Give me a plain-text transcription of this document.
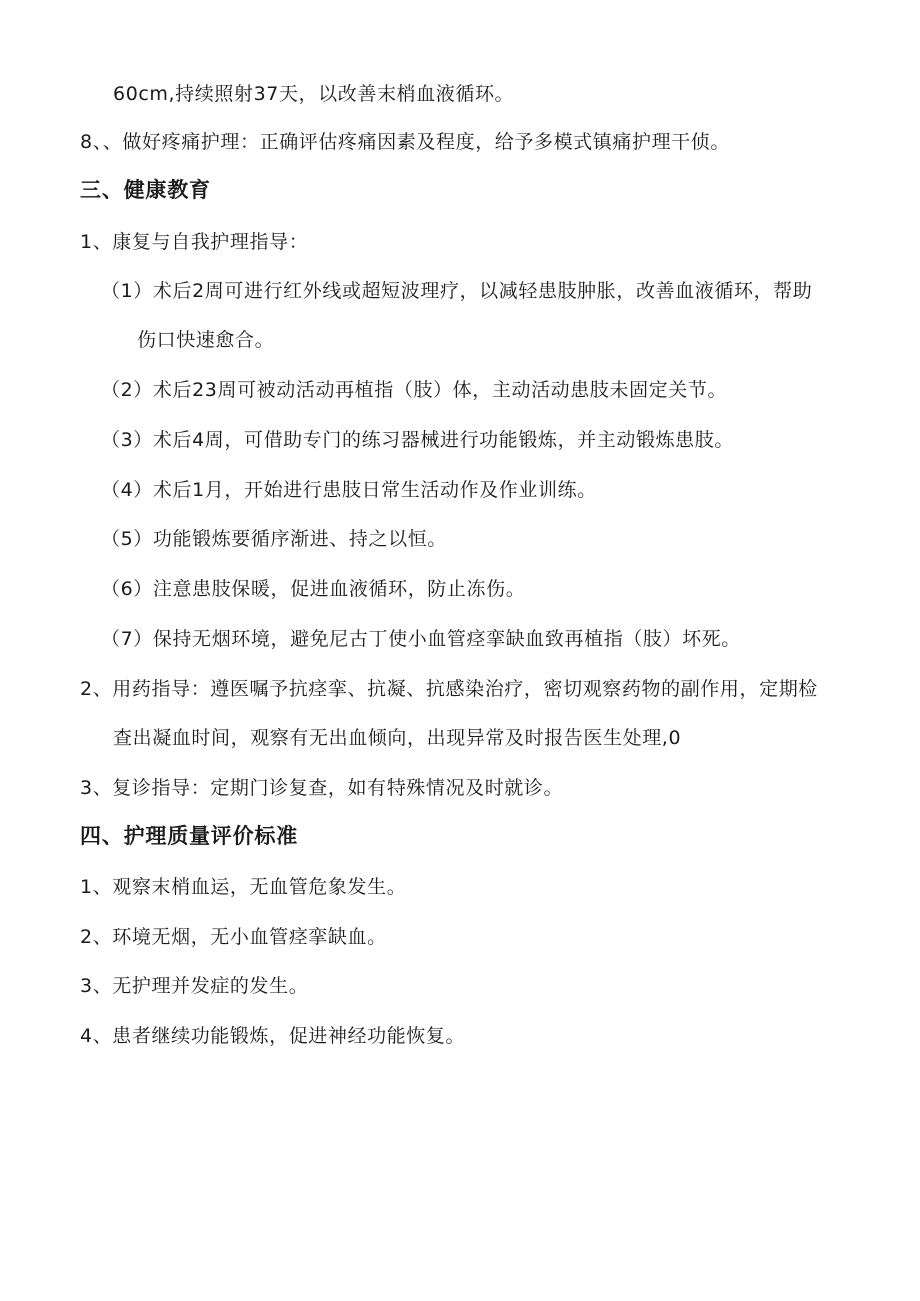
60cm,持续照射37天，以改善末梢血液循环。
8、、做好疼痛护理：正确评估疼痛因素及程度，给予多模式镇痛护理干侦。
三、健康教育
1、康复与自我护理指导：
（1）术后2周可进行红外线或超短波理疗，以减轻患肢肿胀，改善血液循环，帮助
伤口快速愈合。
（2）术后23周可被动活动再植指（肢）体，主动活动患肢未固定关节。
（3）术后4周，可借助专门的练习器械进行功能锻炼，并主动锻炼患肢。
（4）术后1月，开始进行患肢日常生活动作及作业训练。
（5）功能锻炼要循序渐进、持之以恒。
（6）注意患肢保暖，促进血液循环，防止冻伤。
（7）保持无烟环境，避免尼古丁使小血管痉挛缺血致再植指（肢）坏死。
2、用药指导：遵医嘱予抗痉挛、抗凝、抗感染治疗，密切观察药物的副作用，定期检
查出凝血时间，观察有无出血倾向，出现异常及时报告医生处理,0
3、复诊指导：定期门诊复查，如有特殊情况及时就诊。
四、护理质量评价标准
1、观察末梢血运，无血管危象发生。
2、环境无烟，无小血管痉挛缺血。
3、无护理并发症的发生。
4、患者继续功能锻炼，促进神经功能恢复。
